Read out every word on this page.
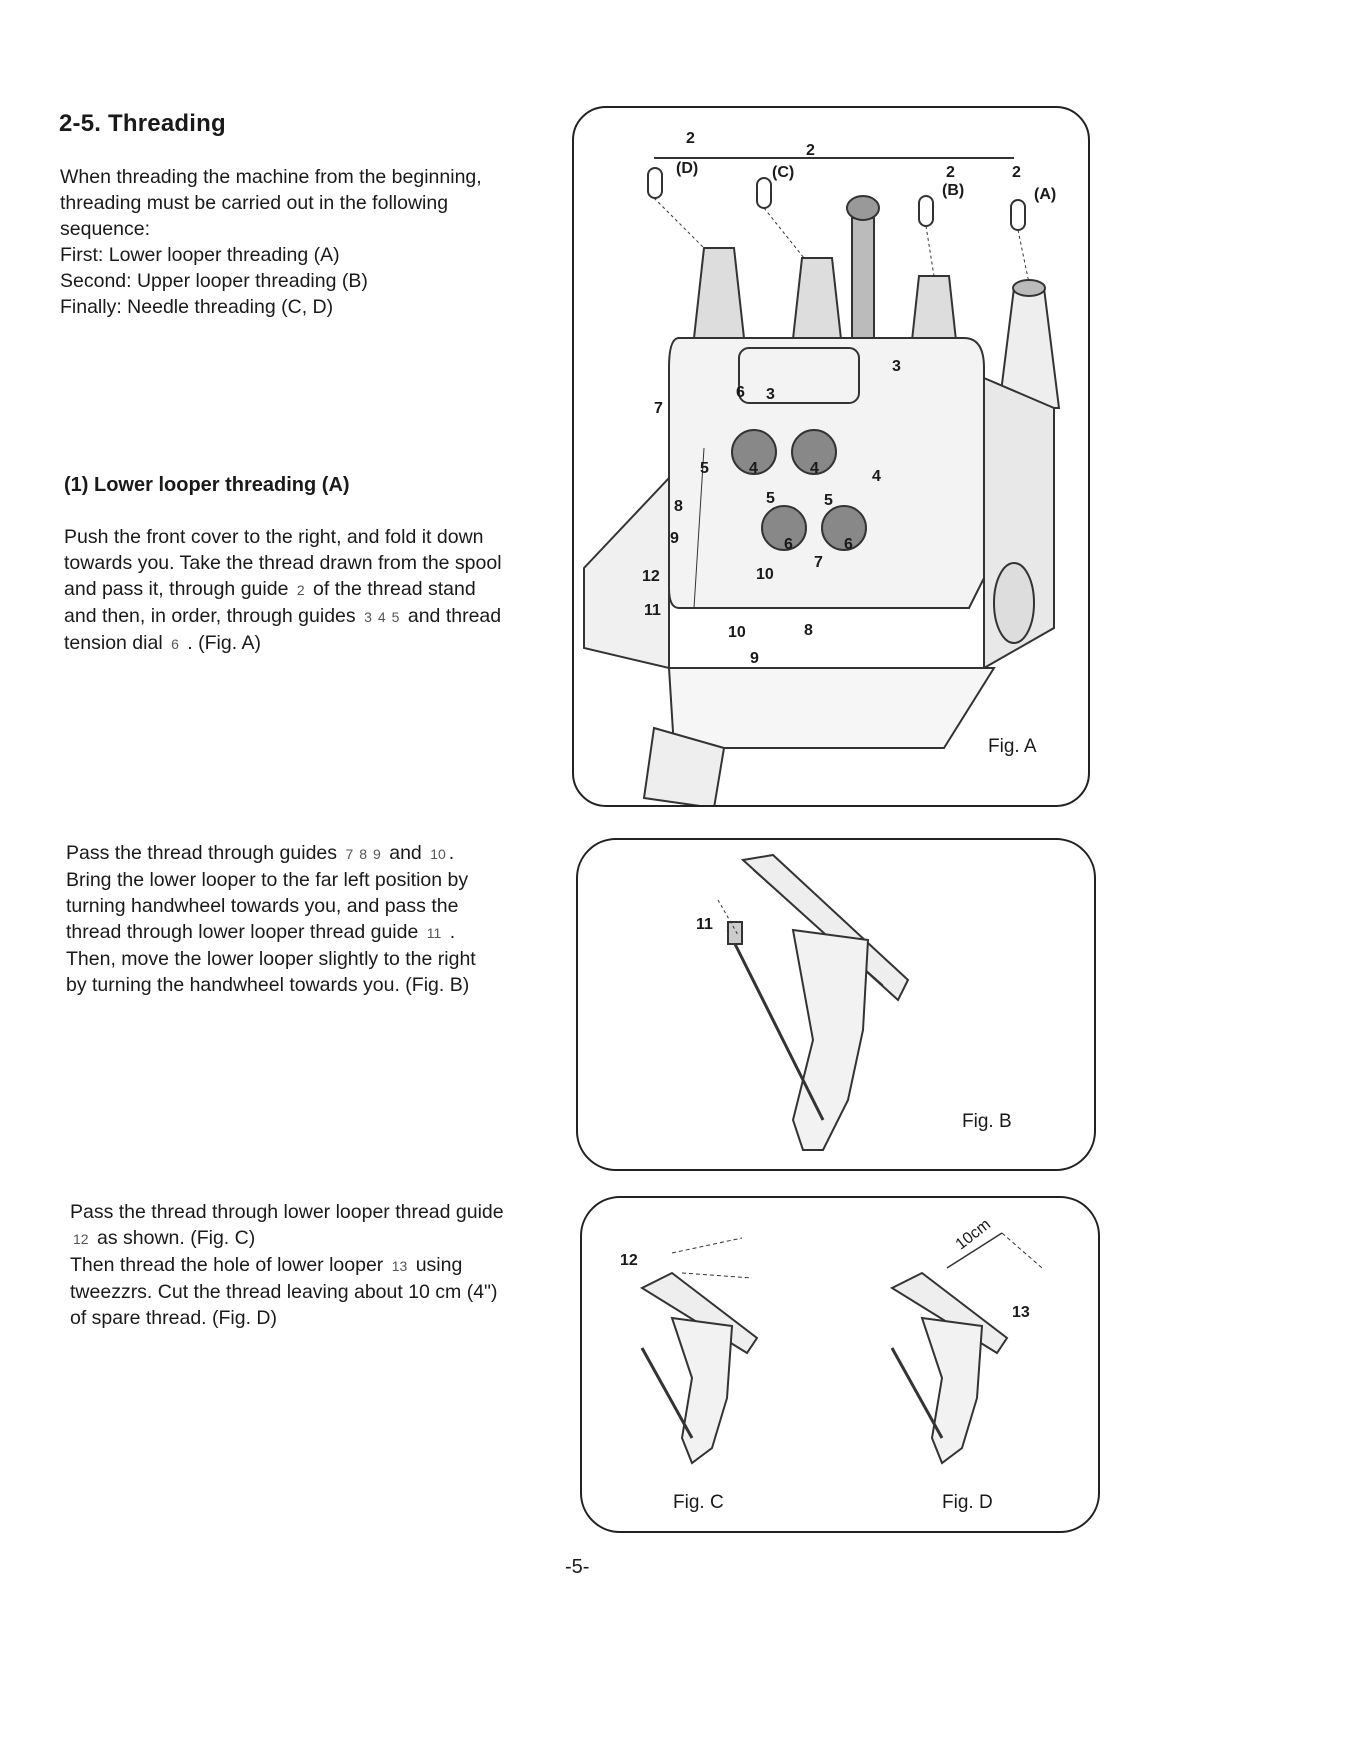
2-5. Threading
When threading the machine from the beginning,
threading must be carried out in the following
sequence:
First: Lower looper threading (A)
Second: Upper looper threading (B)
Finally: Needle threading (C, D)
(1) Lower looper threading (A)
Push the front cover to the right, and fold it down
towards you. Take the thread drawn from the spool
and pass it, through guide 2 of the thread stand
and then, in order, through guides 3 4 5 and thread
tension dial 6 . (Fig. A)
Pass the thread through guides 7 8 9 and 10 .
Bring the lower looper to the far left position by
turning handwheel towards you, and pass the
thread through lower looper thread guide 11 .
Then, move the lower looper slightly to the right
by turning the handwheel towards you. (Fig. B)
Pass the thread through lower looper thread guide
12 as shown. (Fig. C)
Then thread the hole of lower looper 13 using
tweezzrs. Cut the thread leaving about 10 cm (4")
of spare thread. (Fig. D)
(D)	(C)
(B)	(A)
2
2
2	2
3
3
6
7
5	4	4	4
5	5
8
9	6	6
7
12	10
11
10	8
9
Fig. A
11
Fig. B
12
13
10cm
Fig. C	Fig. D
-5-
